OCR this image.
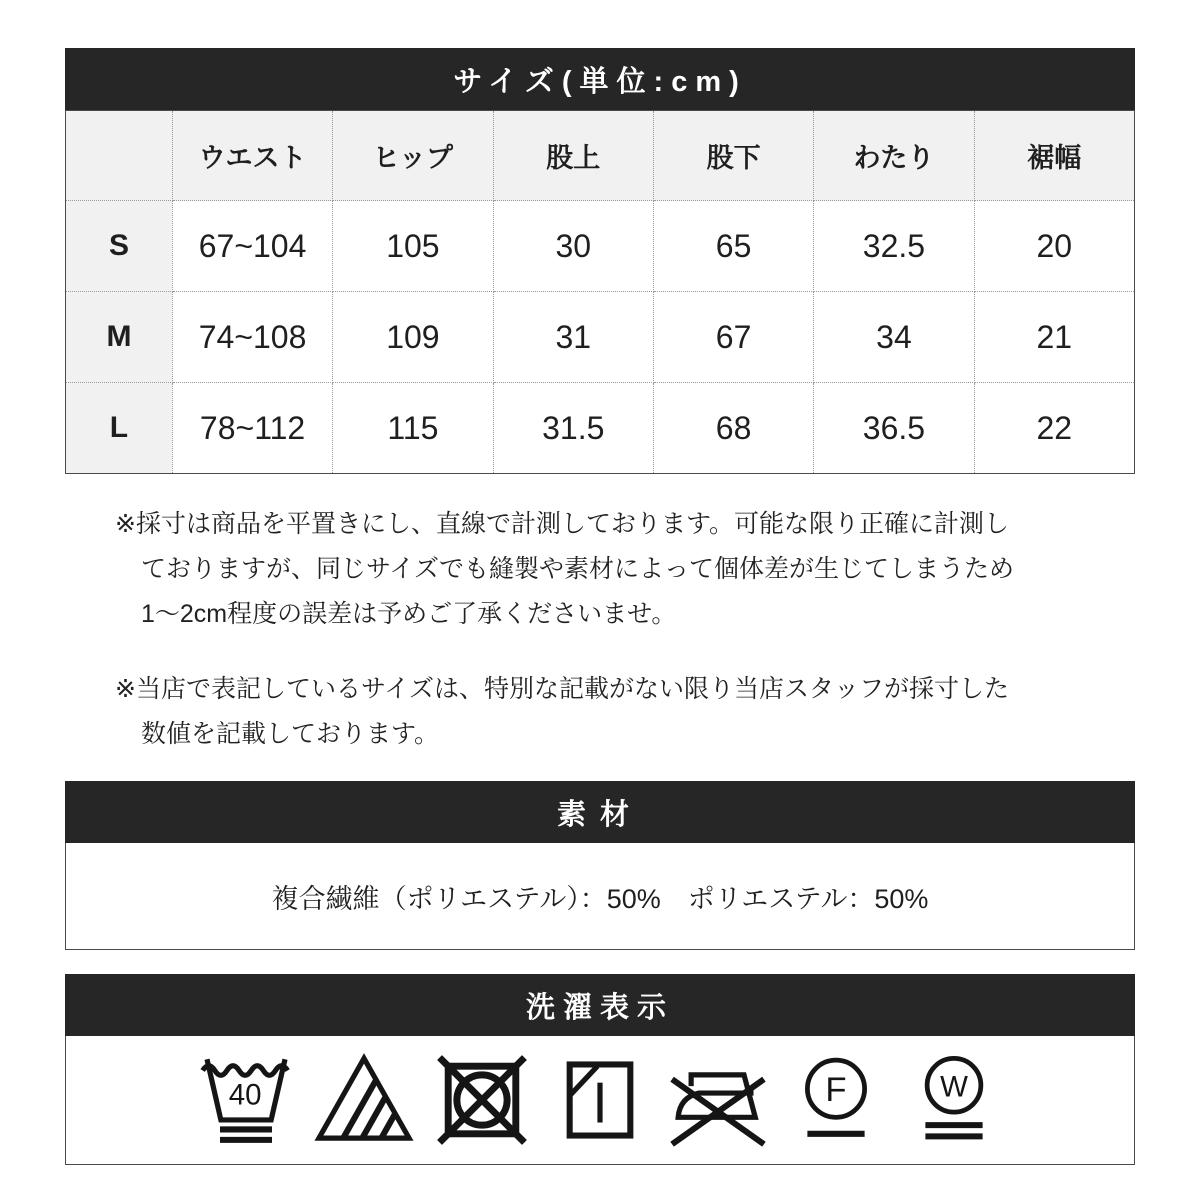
サイズ(単位:cm)
	ウエスト	ヒップ	股上	股下	わたり	裾幅
S	67~104	105	30	65	32.5	20
M	74~108	109	31	67	34	21
L	78~112	115	31.5	68	36.5	22
※採寸は商品を平置きにし、直線で計測しております。可能な限り正確に計測し
ておりますが、同じサイズでも縫製や素材によって個体差が生じてしまうため
1〜2cm程度の誤差は予めご了承くださいませ。
※当店で表記しているサイズは、特別な記載がない限り当店スタッフが採寸した
数値を記載しております。
素材
複合繊維（ポリエステル）：50%　ポリエステル：50%
洗濯表示
40	F	W
